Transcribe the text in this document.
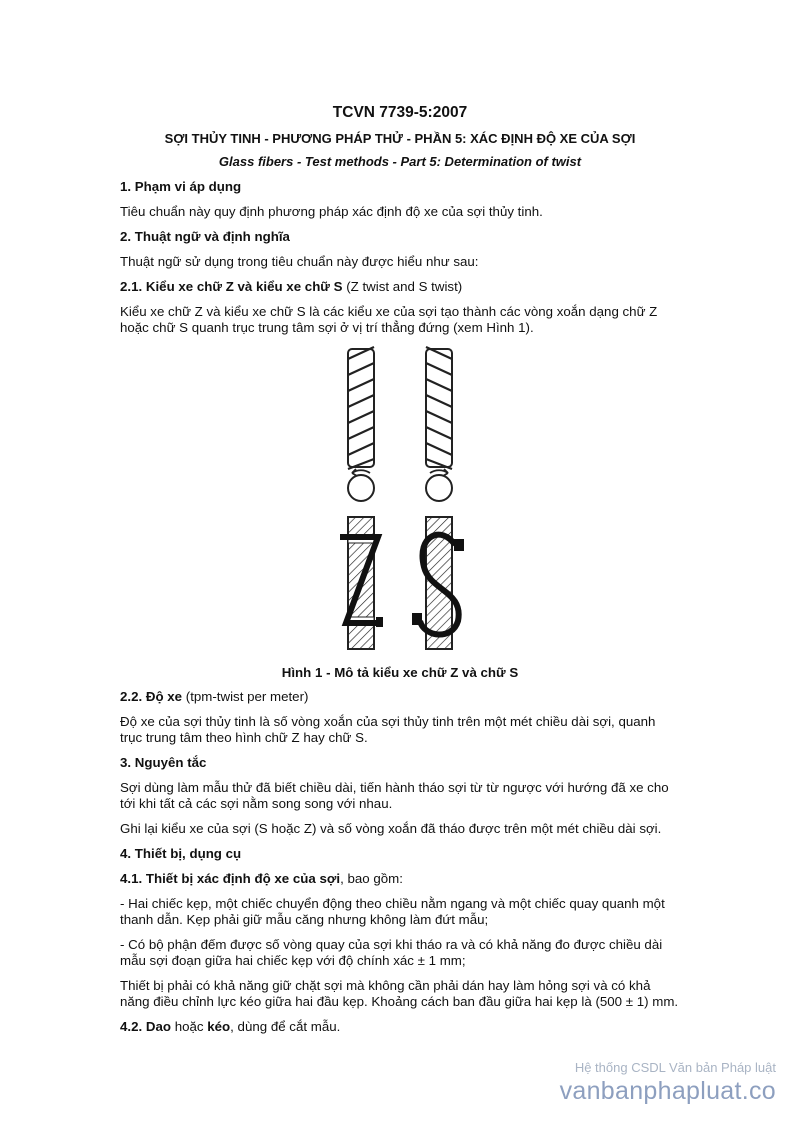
TCVN 7739-5:2007
SỢI THỦY TINH - PHƯƠNG PHÁP THỬ - PHẦN 5: XÁC ĐỊNH ĐỘ XE CỦA SỢI
Glass fibers - Test methods - Part 5: Determination of twist
1. Phạm vi áp dụng
Tiêu chuẩn này quy định phương pháp xác định độ xe của sợi thủy tinh.
2. Thuật ngữ và định nghĩa
Thuật ngữ sử dụng trong tiêu chuẩn này được hiểu như sau:
2.1. Kiểu xe chữ Z và kiểu xe chữ S (Z twist and S twist)
Kiểu xe chữ Z và kiểu xe chữ S là các kiểu xe của sợi tạo thành các vòng xoắn dạng chữ Z hoặc chữ S quanh trục trung tâm sợi ở vị trí thẳng đứng (xem Hình 1).
Z	S
Hình 1 - Mô tả kiểu xe chữ Z và chữ S
2.2. Độ xe (tpm-twist per meter)
Độ xe của sợi thủy tinh là số vòng xoắn của sợi thủy tinh trên một mét chiều dài sợi, quanh trục trung tâm theo hình chữ Z hay chữ S.
3. Nguyên tắc
Sợi dùng làm mẫu thử đã biết chiều dài, tiến hành tháo sợi từ từ ngược với hướng đã xe cho tới khi tất cả các sợi nằm song song với nhau.
Ghi lại kiểu xe của sợi (S hoặc Z) và số vòng xoắn đã tháo được trên một mét chiều dài sợi.
4. Thiết bị, dụng cụ
4.1. Thiết bị xác định độ xe của sợi, bao gồm:
- Hai chiếc kẹp, một chiếc chuyển động theo chiều nằm ngang và một chiếc quay quanh một thanh dẫn. Kẹp phải giữ mẫu căng nhưng không làm đứt mẫu;
- Có bộ phận đếm được số vòng quay của sợi khi tháo ra và có khả năng đo được chiều dài mẫu sợi đoạn giữa hai chiếc kẹp với độ chính xác ± 1 mm;
Thiết bị phải có khả năng giữ chặt sợi mà không cần phải dán hay làm hỏng sợi và có khả năng điều chỉnh lực kéo giữa hai đầu kẹp. Khoảng cách ban đầu giữa hai kẹp là (500 ± 1) mm.
4.2. Dao hoặc kéo, dùng để cắt mẫu.
Hệ thống CSDL Văn bản Pháp luật
vanbanphapluat.co
